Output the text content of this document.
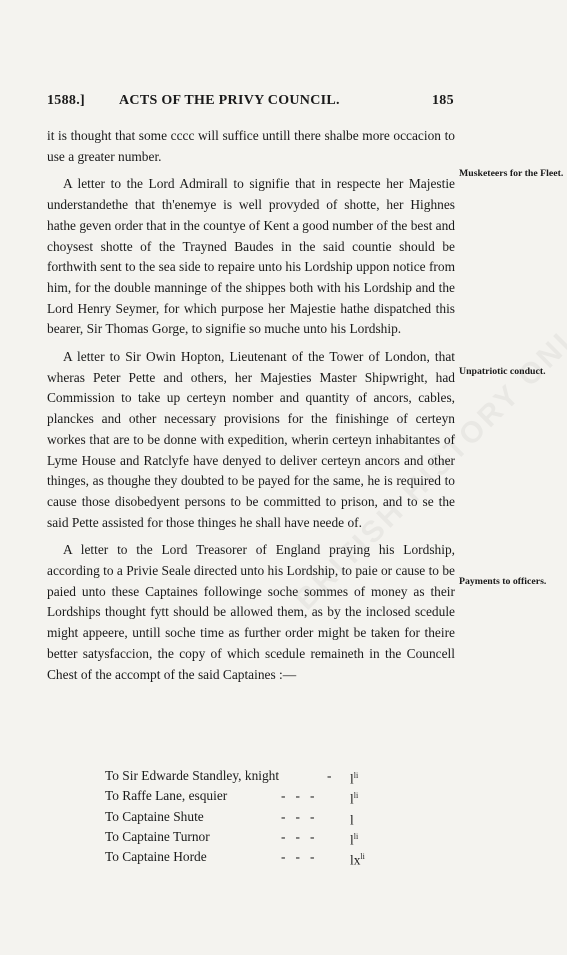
1588.] ACTS OF THE PRIVY COUNCIL.	185

it is thought that some cccc will suffice untill there shalbe more occacion to use a greater number.

A letter to the Lord Admirall to signifie that in respecte her Majestie understandethe that th'enemye is well provyded of shotte, her Highnes hathe geven order that in the countye of Kent a good number of the best and choysest shotte of the Trayned Baudes in the said countie should be forthwith sent to the sea side to repaire unto his Lordship uppon notice from him, for the double manninge of the shippes both with his Lordship and the Lord Henry Seymer, for which purpose her Majestie hathe dispatched this bearer, Sir Thomas Gorge, to signifie so muche unto his Lordship.

A letter to Sir Owin Hopton, Lieutenant of the Tower of London, that wheras Peter Pette and others, her Majesties Master Shipwright, had Commission to take up certeyn nomber and quantity of ancors, cables, planckes and other necessary provisions for the finishinge of certeyn workes that are to be donne with expedition, wherin certeyn inhabitantes of Lyme House and Ratclyfe have denyed to deliver certeyn ancors and other thinges, as thoughe they doubted to be payed for the same, he is required to cause those disobedyent persons to be committed to prison, and to se the said Pette assisted for those thinges he shall have neede of.

A letter to the Lord Treasorer of England praying his Lordship, according to a Privie Seale directed unto his Lordship, to paie or cause to be paied unto these Captaines followinge soche sommes of money as their Lordships thought fytt should be allowed them, as by the inclosed scedule might appeere, untill soche time as further order might be taken for theire better satysfaccion, the copy of which scedule remaineth in the Councell Chest of the accompt of the said Captaines :—

Musketeers for the Fleet.
Unpatriotic conduct.
Payments to officers.
To Sir Edwarde Standley, knight	- $l^{li}$
To Raffe Lane, esquier	-   -   -	$l^{li}$
To Captaine Shute	-   -   -	l
To Captaine Turnor	-   -   -	$l^{li}$
To Captaine Horde	-   -   -	$lx^{li}$
